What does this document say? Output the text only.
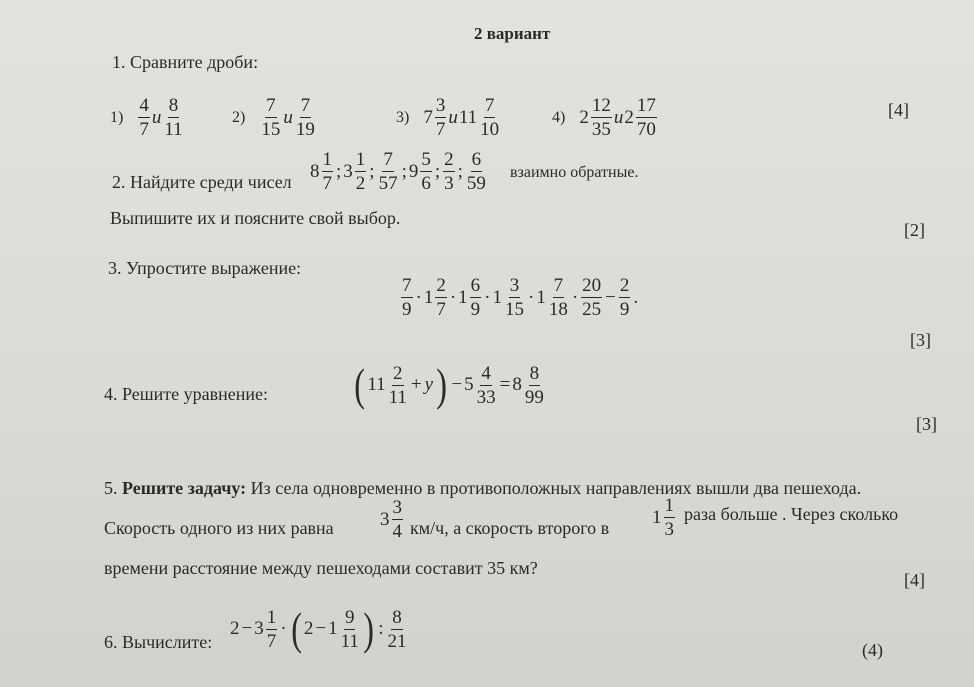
2 вариант
1. Сравните дроби:
$1) \frac{4}{7}$ и $\frac{8}{11}$	$2) \frac{7}{15}$ и $\frac{7}{19}$	3) $7 \frac{3}{7}$ и $11 \frac{7}{10}$	4) $2 \frac{12}{35}$ и $2 \frac{17}{70}$	[4]
2. Найдите среди чисел
$8 \frac{1}{7}$ ; $3 \frac{1}{2}$ ; $\frac{7}{57}$ ; $9 \frac{5}{6}$ ; $\frac{2}{3}$ ; $\frac{6}{59}$ взаимно обратные.
Выпишите их и поясните свой выбор.
[2]
3. Упростите выражение:
$\frac{7}{9} \cdot 1 \frac{2}{7} \cdot 1 \frac{6}{9} \cdot 1 \frac{3}{15} \cdot 1 \frac{7}{18} \cdot \frac{20}{25} - \frac{2}{9}$ .
[3]
4. Решите уравнение: ( $11 \frac{2}{11} + y$ ) − $5 \frac{4}{33} = 8 \frac{8}{99}$
[3]
5. Решите задачу: Из села одновременно в противоположных направлениях вышли два пешехода.
Скорость одного из них равна $3 \frac{3}{4} км/ч$, а скорость второго в
$1 \frac{1}{3}$ раза больше . Через сколько
времени расстояние между пешеходами составит 35 км?
[4]
6. Вычислите:
$2 - 3 \frac{1}{7}$ · ( $2 - 1 \frac{9}{11}$ ) : $\frac{8}{21}$	(4)
